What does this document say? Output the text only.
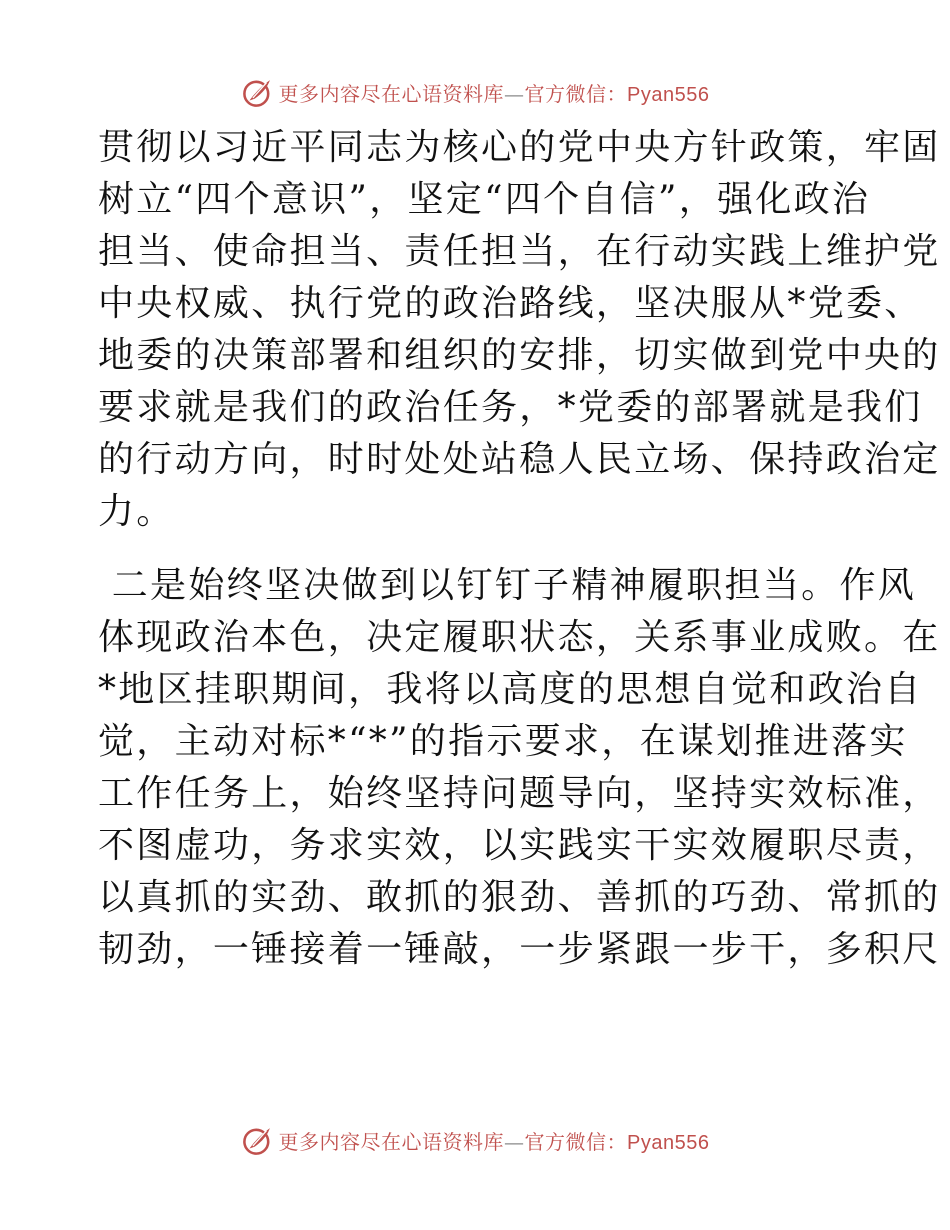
更多内容尽在心语资料库—官方微信：Pyan556

贯彻以习近平同志为核心的党中央方针政策，牢固
树立“四个意识”，坚定“四个自信”，强化政治
担当、使命担当、责任担当，在行动实践上维护党
中央权威、执行党的政治路线，坚决服从*党委、
地委的决策部署和组织的安排，切实做到党中央的
要求就是我们的政治任务，*党委的部署就是我们
的行动方向，时时处处站稳人民立场、保持政治定
力。

二是始终坚决做到以钉钉子精神履职担当。作风
体现政治本色，决定履职状态，关系事业成败。在
*地区挂职期间，我将以高度的思想自觉和政治自
觉，主动对标*“*”的指示要求，在谋划推进落实
工作任务上，始终坚持问题导向，坚持实效标准，
不图虚功，务求实效，以实践实干实效履职尽责，
以真抓的实劲、敢抓的狠劲、善抓的巧劲、常抓的
韧劲，一锤接着一锤敲，一步紧跟一步干，多积尺

更多内容尽在心语资料库—官方微信：Pyan556
